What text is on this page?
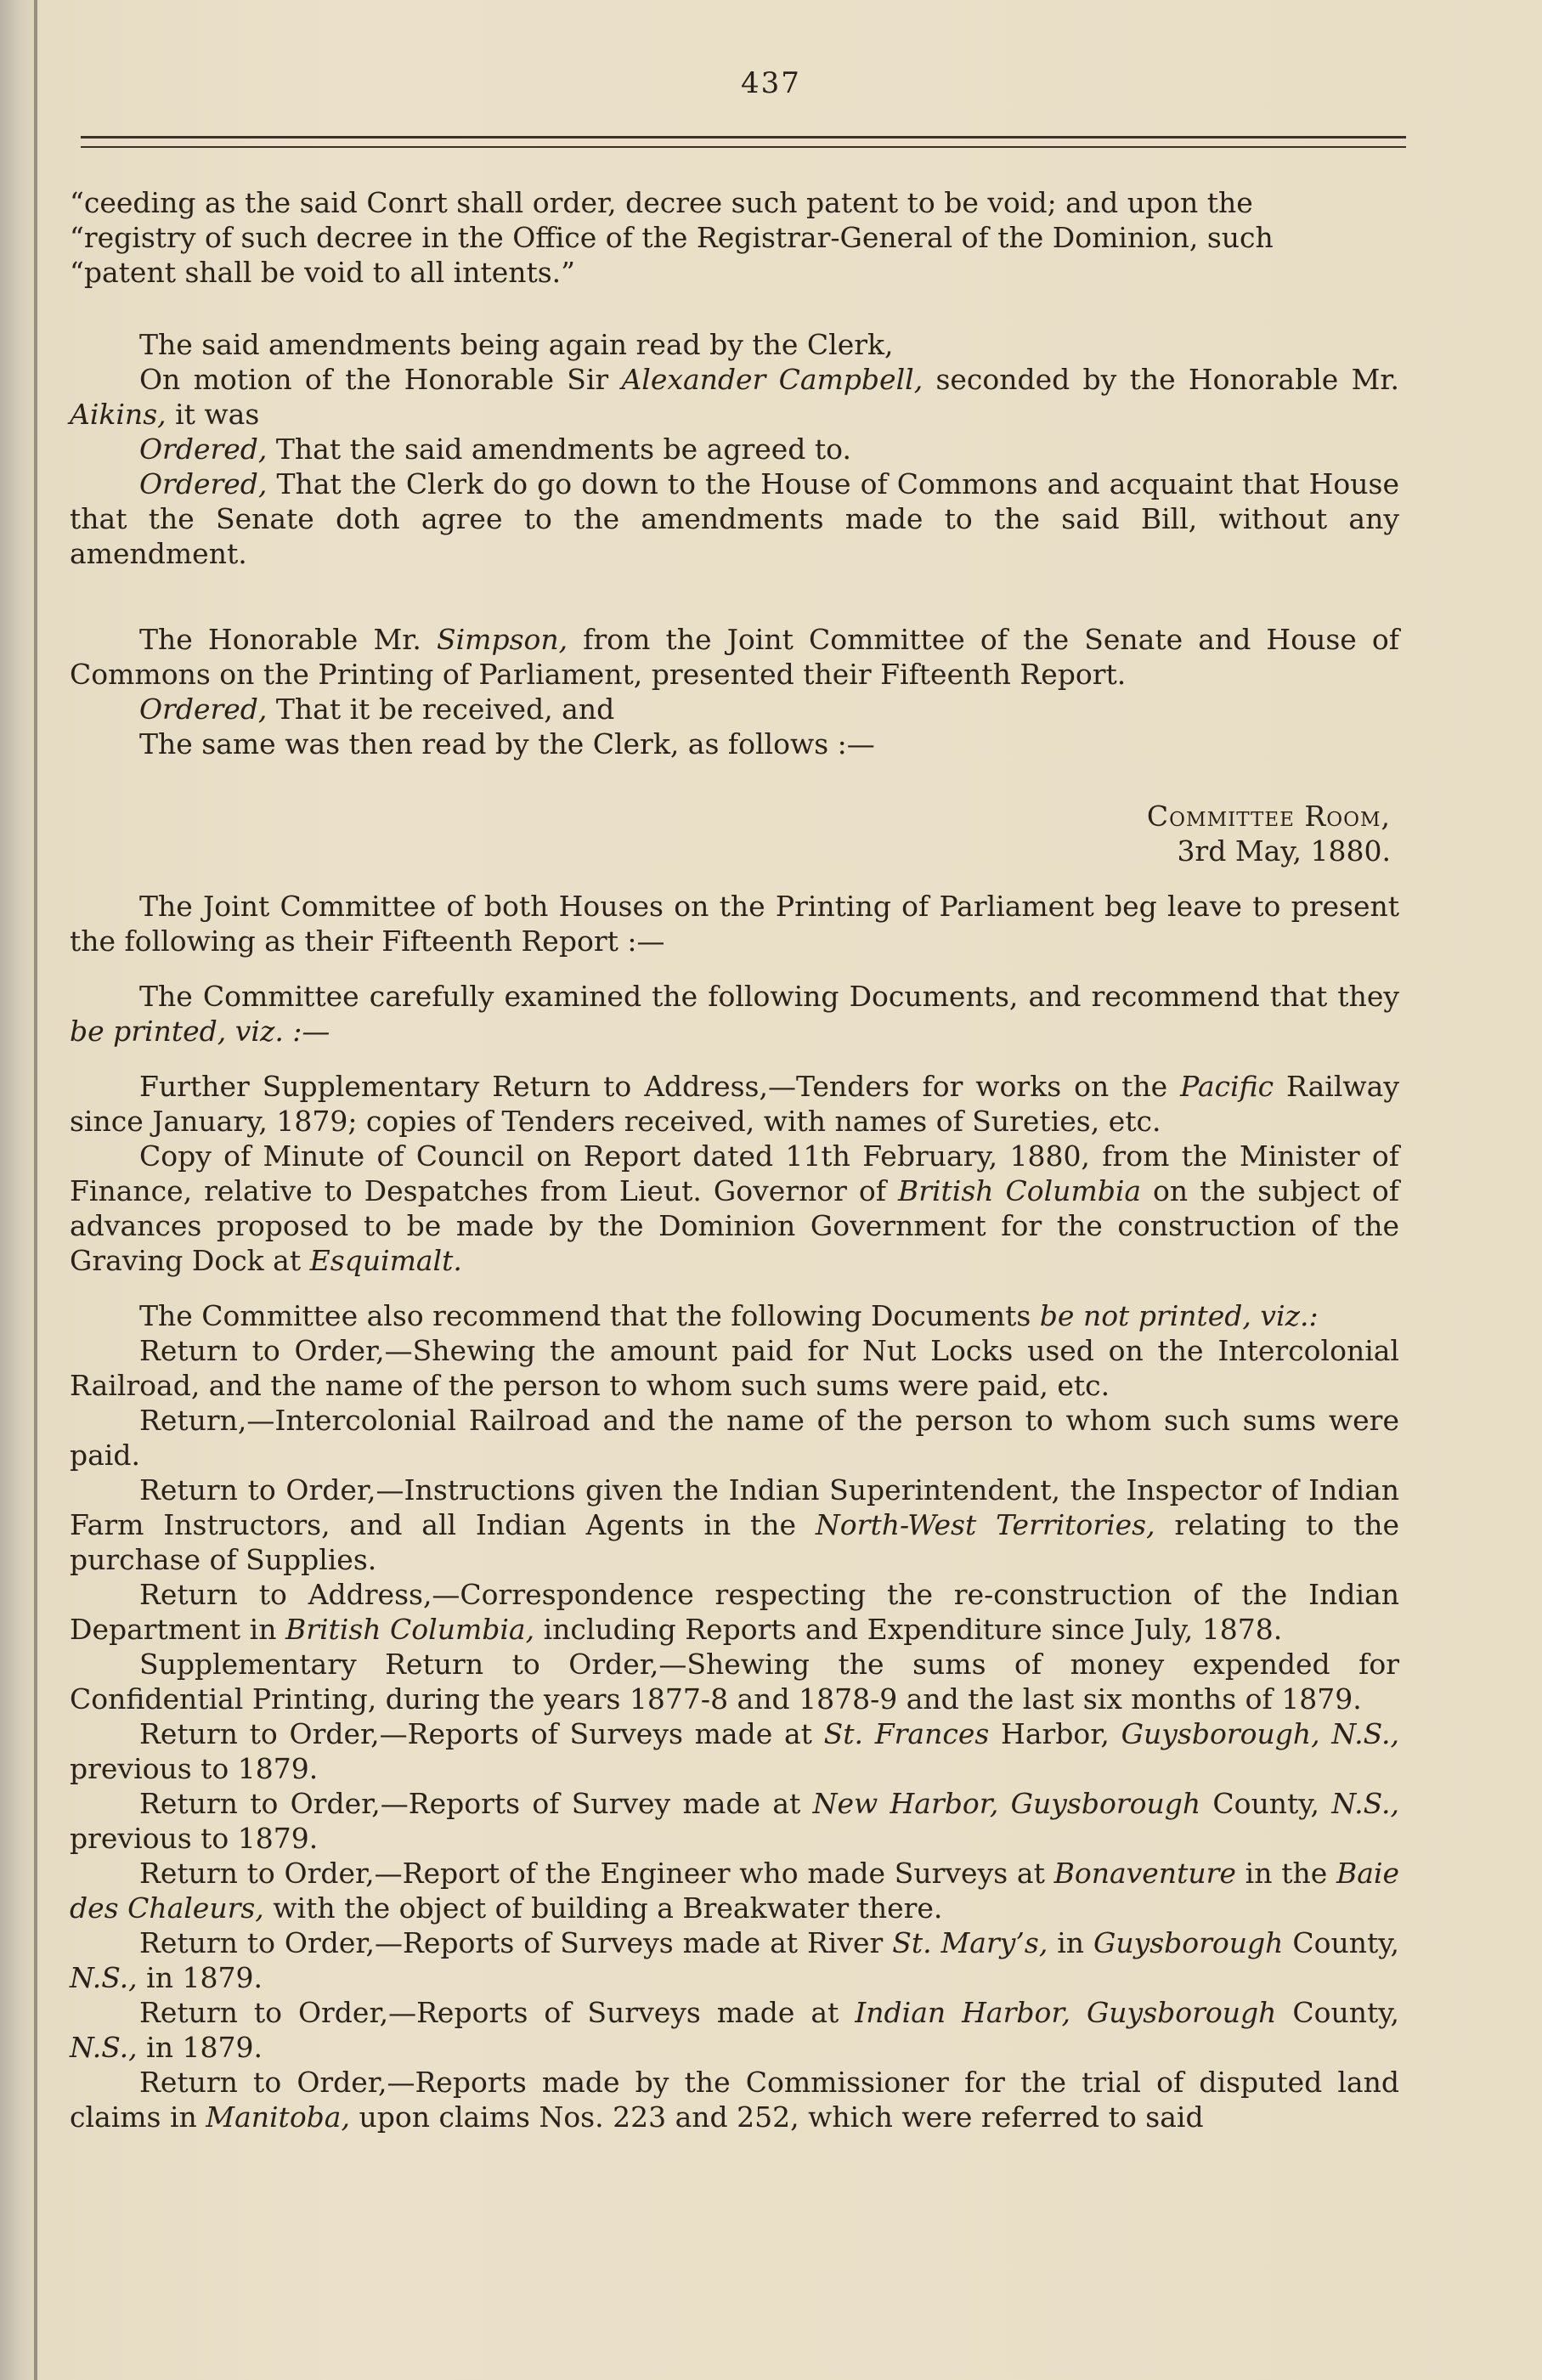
437

“ceeding as the said Conrt shall order, decree such patent to be void; and upon the

“registry of such decree in the Office of the Registrar-General of the Dominion, such

“patent shall be void to all intents.”

The said amendments being again read by the Clerk,

On motion of the Honorable Sir Alexander Campbell, seconded by the Honorable Mr. Aikins, it was

Ordered, That the said amendments be agreed to.

Ordered, That the Clerk do go down to the House of Commons and acquaint that House that the Senate doth agree to the amendments made to the said Bill, without any amendment.

The Honorable Mr. Simpson, from the Joint Committee of the Senate and House of Commons on the Printing of Parliament, presented their Fifteenth Report.

Ordered, That it be received, and

The same was then read by the Clerk, as follows :—

Committee Room,
3rd May, 1880.

The Joint Committee of both Houses on the Printing of Parliament beg leave to present the following as their Fifteenth Report :—

The Committee carefully examined the following Documents, and recommend that they be printed, viz. :—

Further Supplementary Return to Address,—Tenders for works on the Pacific Railway since January, 1879; copies of Tenders received, with names of Sureties, etc.

Copy of Minute of Council on Report dated 11th February, 1880, from the Minister of Finance, relative to Despatches from Lieut. Governor of British Columbia on the subject of advances proposed to be made by the Dominion Government for the construction of the Graving Dock at Esquimalt.

The Committee also recommend that the following Documents be not printed, viz.:

Return to Order,—Shewing the amount paid for Nut Locks used on the Intercolonial Railroad, and the name of the person to whom such sums were paid, etc.

Return,—Intercolonial Railroad and the name of the person to whom such sums were paid.

Return to Order,—Instructions given the Indian Superintendent, the Inspector of Indian Farm Instructors, and all Indian Agents in the North-West Territories, relating to the purchase of Supplies.

Return to Address,—Correspondence respecting the re-construction of the Indian Department in British Columbia, including Reports and Expenditure since July, 1878.

Supplementary Return to Order,—Shewing the sums of money expended for Confidential Printing, during the years 1877-8 and 1878-9 and the last six months of 1879.

Return to Order,—Reports of Surveys made at St. Frances Harbor, Guysborough, N.S., previous to 1879.

Return to Order,—Reports of Survey made at New Harbor, Guysborough County, N.S., previous to 1879.

Return to Order,—Report of the Engineer who made Surveys at Bonaventure in the Baie des Chaleurs, with the object of building a Breakwater there.

Return to Order,—Reports of Surveys made at River St. Mary’s, in Guysborough County, N.S., in 1879.

Return to Order,—Reports of Surveys made at Indian Harbor, Guysborough County, N.S., in 1879.

Return to Order,—Reports made by the Commissioner for the trial of disputed land claims in Manitoba, upon claims Nos. 223 and 252, which were referred to said
